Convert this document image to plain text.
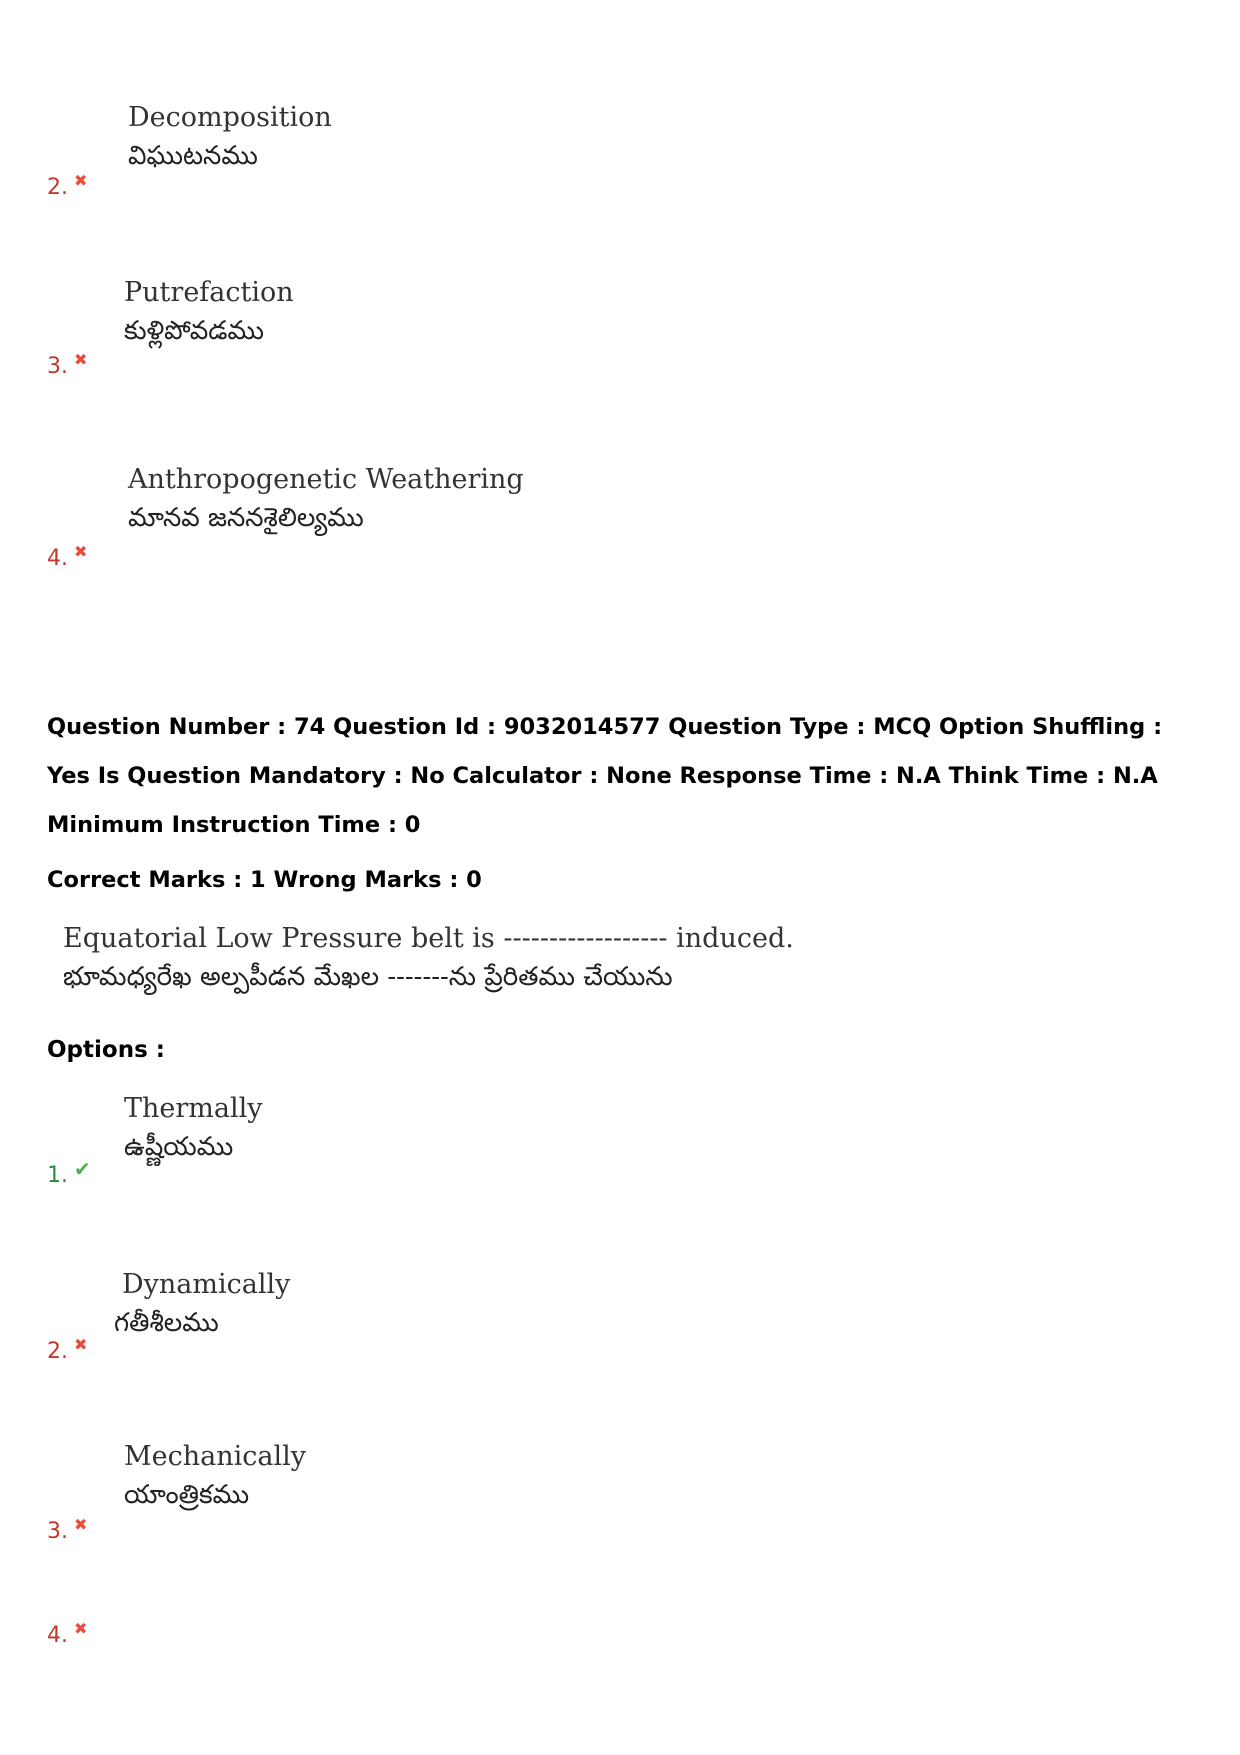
Decomposition
విఘుటనము
2. ✖
Putrefaction
కుళ్లిపోవడము
3. ✖
Anthropogenetic Weathering
మానవ జననశైలిల్యము
4. ✖
Question Number : 74 Question Id : 9032014577 Question Type : MCQ Option Shuffling : Yes Is Question Mandatory : No Calculator : None Response Time : N.A Think Time : N.A Minimum Instruction Time : 0
Correct Marks : 1 Wrong Marks : 0
Equatorial Low Pressure belt is ------------------ induced.
భూమధ్యరేఖ అల్పపీడన మేఖల -------ను ప్రేరితము చేయును
Options :
Thermally
ఉష్ణీయము
1. ✔
Dynamically
గతీశీలము
2. ✖
Mechanically
యాంత్రికము
3. ✖
4. ✖
